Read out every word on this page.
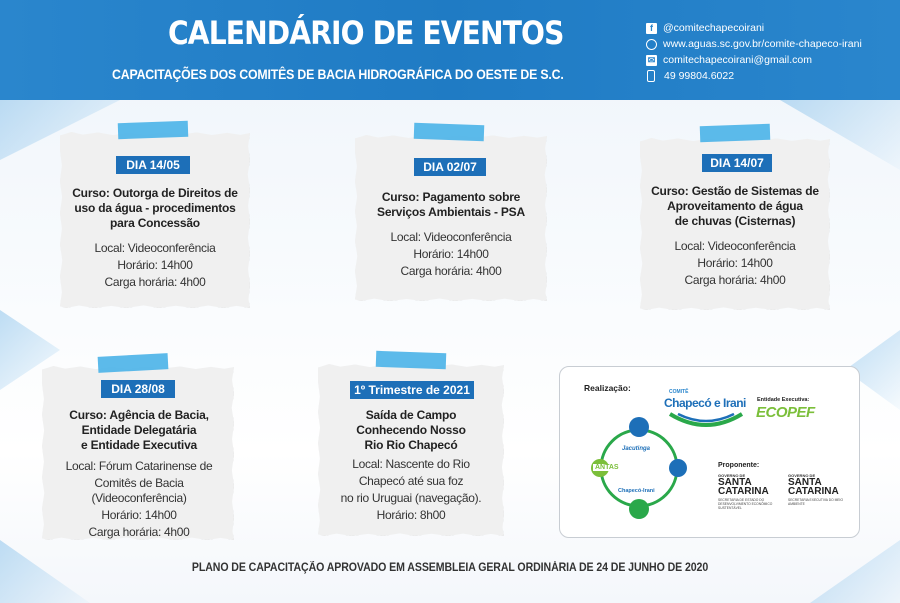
CALENDÁRIO DE EVENTOS
CAPACITAÇÕES DOS COMITÊS DE BACIA HIDROGRÁFICA DO OESTE DE S.C.
f @comitechapecoirani
www.aguas.sc.gov.br/comite-chapeco-irani
✉ comitechapecoirani@gmail.com
49 99804.6022
DIA 14/05
Curso: Outorga de Direitos de
uso da água - procedimentos
para Concessão
Local: Videoconferência
Horário: 14h00
Carga horária: 4h00
DIA 02/07
Curso: Pagamento sobre
Serviços Ambientais - PSA
Local: Videoconferência
Horário: 14h00
Carga horária: 4h00
DIA 14/07
Curso: Gestão de Sistemas de
Aproveitamento de água
de chuvas (Cisternas)
Local: Videoconferência
Horário: 14h00
Carga horária: 4h00
DIA 28/08
Curso: Agência de Bacia,
Entidade Delegatária
e Entidade Executiva
Local: Fórum Catarinense de
Comitês de Bacia (Videoconferência)
Horário: 14h00
Carga horária: 4h00
1º Trimestre de 2021
Saída de Campo
Conhecendo Nosso
Rio Rio Chapecó
Local: Nascente do Rio
Chapecó até sua foz
no rio Uruguai (navegação).
Horário: 8h00
Realização:	COMITÊ
Chapecó e Irani Entidade Executiva:
ECOPEF
Jacutinga
ANTAS
Chapecó-Irani
Proponente:
GOVERNO DE
SANTA
CATARINA
SECRETARIA DE ESTADO DO DESENVOLVIMENTO ECONÔMICO SUSTENTÁVEL
GOVERNO DE
SANTA
CATARINA
SECRETARIA EXECUTIVA DO MEIO AMBIENTE
PLANO DE CAPACITAÇÃO APROVADO EM ASSEMBLEIA GERAL ORDINÁRIA DE 24 DE JUNHO DE 2020
